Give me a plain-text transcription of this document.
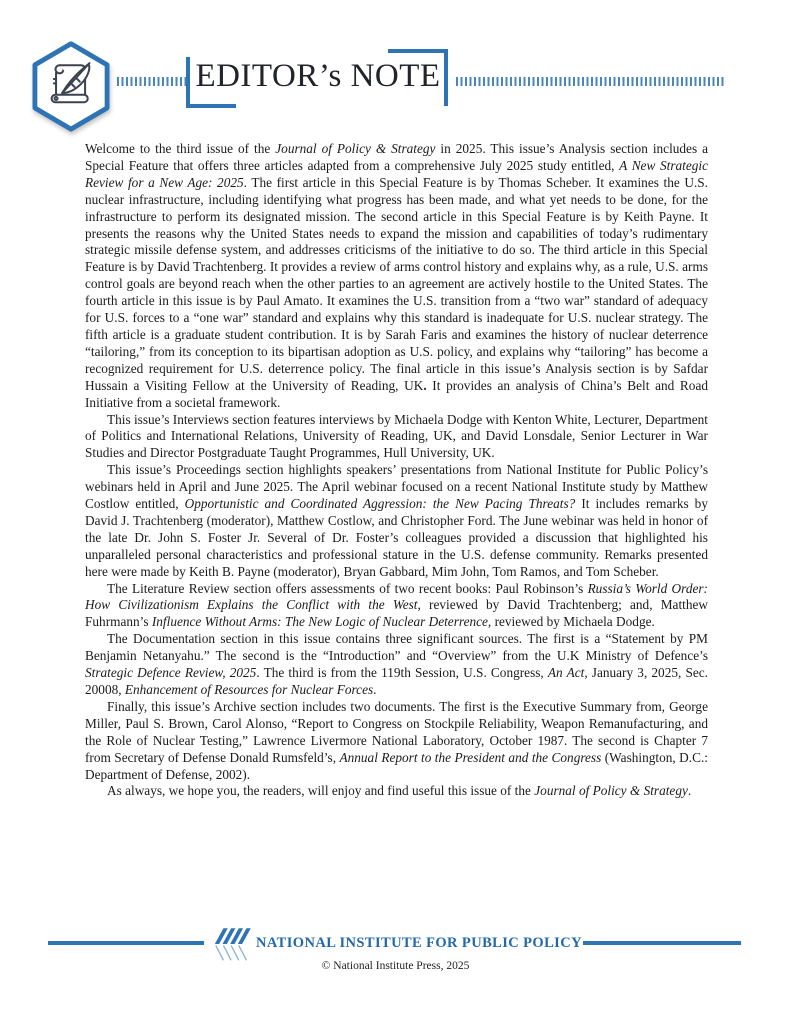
EDITOR’s NOTE

Welcome to the third issue of the Journal of Policy & Strategy in 2025. This issue’s Analysis section includes a Special Feature that offers three articles adapted from a comprehensive July 2025 study entitled, A New Strategic Review for a New Age: 2025. The first article in this Special Feature is by Thomas Scheber. It examines the U.S. nuclear infrastructure, including identifying what progress has been made, and what yet needs to be done, for the infrastructure to perform its designated mission. The second article in this Special Feature is by Keith Payne. It presents the reasons why the United States needs to expand the mission and capabilities of today’s rudimentary strategic missile defense system, and addresses criticisms of the initiative to do so. The third article in this Special Feature is by David Trachtenberg. It provides a review of arms control history and explains why, as a rule, U.S. arms control goals are beyond reach when the other parties to an agreement are actively hostile to the United States. The fourth article in this issue is by Paul Amato. It examines the U.S. transition from a “two war” standard of adequacy for U.S. forces to a “one war” standard and explains why this standard is inadequate for U.S. nuclear strategy. The fifth article is a graduate student contribution. It is by Sarah Faris and examines the history of nuclear deterrence “tailoring,” from its conception to its bipartisan adoption as U.S. policy, and explains why “tailoring” has become a recognized requirement for U.S. deterrence policy. The final article in this issue’s Analysis section is by Safdar Hussain a Visiting Fellow at the University of Reading, UK. It provides an analysis of China’s Belt and Road Initiative from a societal framework.

This issue’s Interviews section features interviews by Michaela Dodge with Kenton White, Lecturer, Department of Politics and International Relations, University of Reading, UK, and David Lonsdale, Senior Lecturer in War Studies and Director Postgraduate Taught Programmes, Hull University, UK.

This issue’s Proceedings section highlights speakers’ presentations from National Institute for Public Policy’s webinars held in April and June 2025. The April webinar focused on a recent National Institute study by Matthew Costlow entitled, Opportunistic and Coordinated Aggression: the New Pacing Threats? It includes remarks by David J. Trachtenberg (moderator), Matthew Costlow, and Christopher Ford. The June webinar was held in honor of the late Dr. John S. Foster Jr. Several of Dr. Foster’s colleagues provided a discussion that highlighted his unparalleled personal characteristics and professional stature in the U.S. defense community. Remarks presented here were made by Keith B. Payne (moderator), Bryan Gabbard, Mim John, Tom Ramos, and Tom Scheber.

The Literature Review section offers assessments of two recent books: Paul Robinson’s Russia’s World Order: How Civilizationism Explains the Conflict with the West, reviewed by David Trachtenberg; and, Matthew Fuhrmann’s Influence Without Arms: The New Logic of Nuclear Deterrence, reviewed by Michaela Dodge.

The Documentation section in this issue contains three significant sources. The first is a “Statement by PM Benjamin Netanyahu.” The second is the “Introduction” and “Overview” from the U.K Ministry of Defence’s Strategic Defence Review, 2025. The third is from the 119th Session, U.S. Congress, An Act, January 3, 2025, Sec. 20008, Enhancement of Resources for Nuclear Forces.

Finally, this issue’s Archive section includes two documents. The first is the Executive Summary from, George Miller, Paul S. Brown, Carol Alonso, “Report to Congress on Stockpile Reliability, Weapon Remanufacturing, and the Role of Nuclear Testing,” Lawrence Livermore National Laboratory, October 1987. The second is Chapter 7 from Secretary of Defense Donald Rumsfeld’s, Annual Report to the President and the Congress (Washington, D.C.: Department of Defense, 2002).

As always, we hope you, the readers, will enjoy and find useful this issue of the Journal of Policy & Strategy.

NATIONAL INSTITUTE FOR PUBLIC POLICY
© National Institute Press, 2025
